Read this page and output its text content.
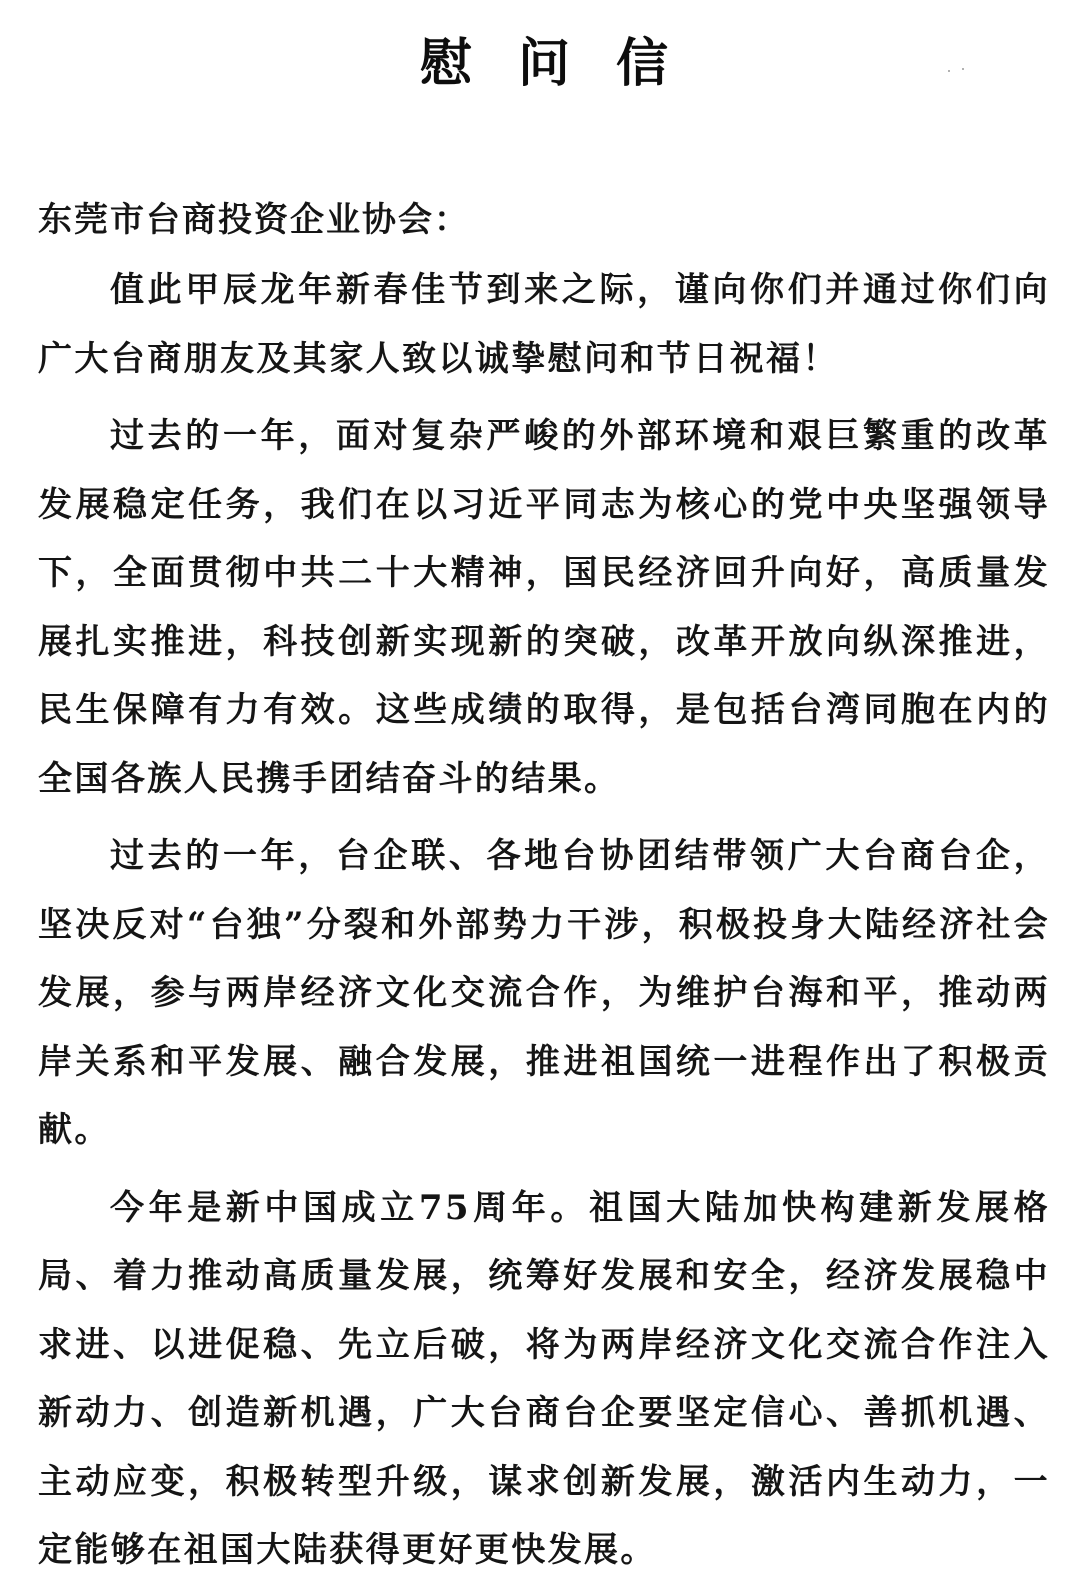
慰问信

东莞市台商投资企业协会：

值此甲辰龙年新春佳节到来之际，谨向你们并通过你们向广大台商朋友及其家人致以诚挚慰问和节日祝福！

过去的一年，面对复杂严峻的外部环境和艰巨繁重的改革发展稳定任务，我们在以习近平同志为核心的党中央坚强领导下，全面贯彻中共二十大精神，国民经济回升向好，高质量发展扎实推进，科技创新实现新的突破，改革开放向纵深推进，民生保障有力有效。这些成绩的取得，是包括台湾同胞在内的全国各族人民携手团结奋斗的结果。

过去的一年，台企联、各地台协团结带领广大台商台企，坚决反对“台独”分裂和外部势力干涉，积极投身大陆经济社会发展，参与两岸经济文化交流合作，为维护台海和平，推动两岸关系和平发展、融合发展，推进祖国统一进程作出了积极贡献。

今年是新中国成立75周年。祖国大陆加快构建新发展格局、着力推动高质量发展，统筹好发展和安全，经济发展稳中求进、以进促稳、先立后破，将为两岸经济文化交流合作注入新动力、创造新机遇，广大台商台企要坚定信心、善抓机遇、主动应变，积极转型升级，谋求创新发展，激活内生动力，一定能够在祖国大陆获得更好更快发展。
